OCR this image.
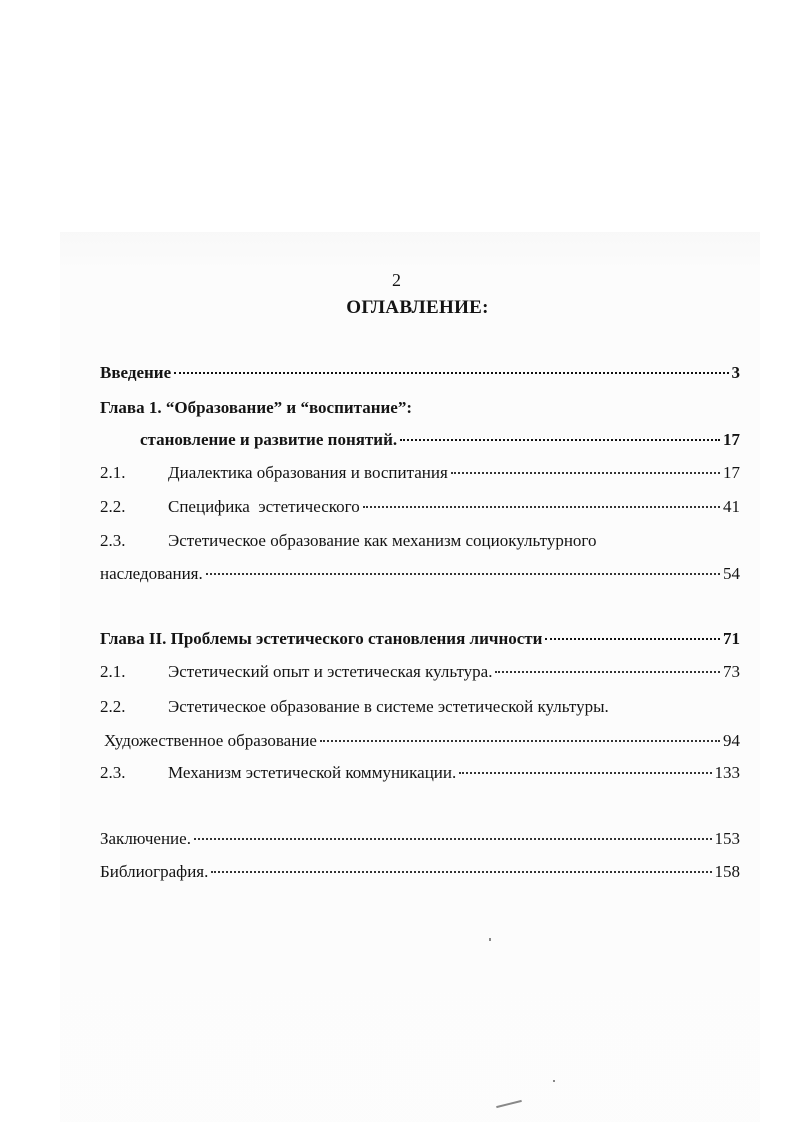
2
ОГЛАВЛЕНИЕ:
Введение	3
Глава 1. “Образование” и “воспитание”:
становление и развитие понятий.	17
2.1.	Диалектика образования и воспитания	17
2.2.	Специфика  эстетического	41
2.3.	Эстетическое образование как механизм социокультурного
наследования.	54
Глава II. Проблемы эстетического становления личности	71
2.1.	Эстетический опыт и эстетическая культура.	73
2.2.	Эстетическое образование в системе эстетической культуры.
Художественное образование	94
2.3.	Механизм эстетической коммуникации.	133
Заключение.	153
Библиография.	158
